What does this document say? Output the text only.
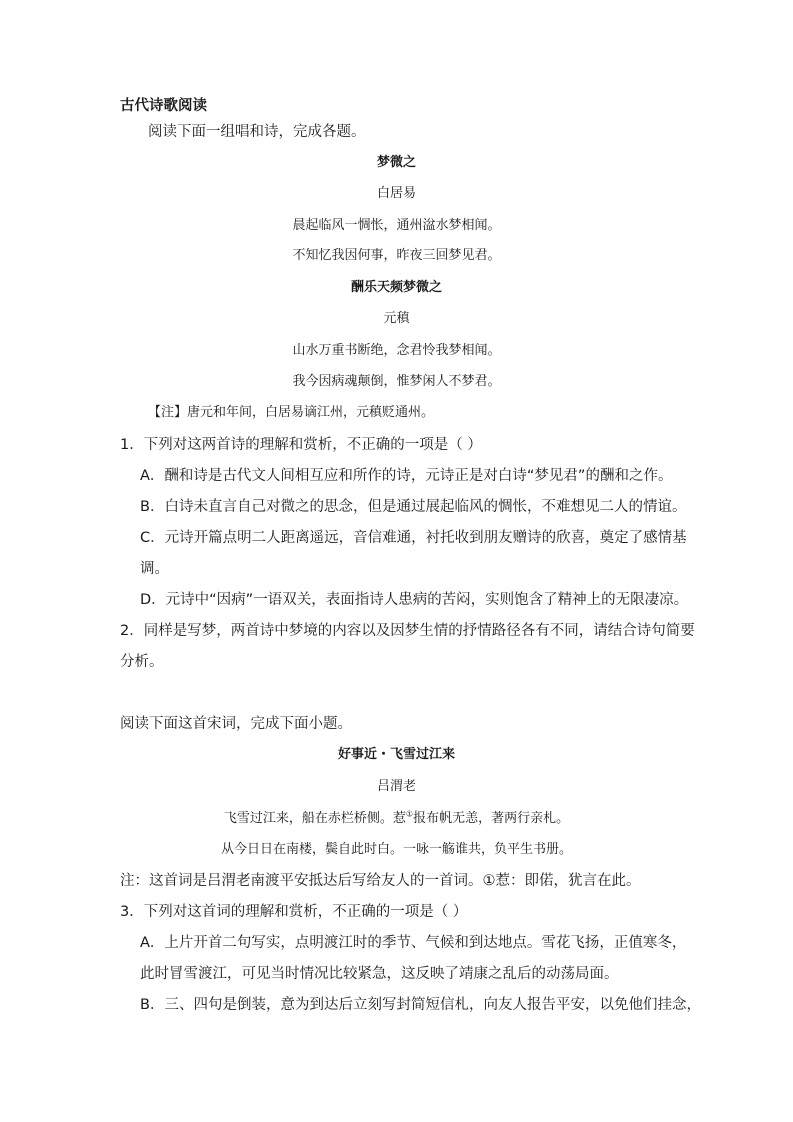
古代诗歌阅读
阅读下面一组唱和诗，完成各题。
梦微之
白居易
晨起临风一惆怅，通州湓水梦相闻。
不知忆我因何事，昨夜三回梦见君。
酬乐天频梦微之
元稹
山水万重书断绝，念君怜我梦相闻。
我今因病魂颠倒，惟梦闲人不梦君。
【注】唐元和年间，白居易谪江州，元稹贬通州。
1．下列对这两首诗的理解和赏析，不正确的一项是（ ）
A．酬和诗是古代文人间相互应和所作的诗，元诗正是对白诗“梦见君”的酬和之作。
B．白诗未直言自己对微之的思念，但是通过展起临风的惆怅，不难想见二人的情谊。
C．元诗开篇点明二人距离遥远，音信难通，衬托收到朋友赠诗的欣喜，奠定了感情基
调。
D．元诗中“因病”一语双关，表面指诗人患病的苦闷，实则饱含了精神上的无限凄凉。
2．同样是写梦，两首诗中梦境的内容以及因梦生情的抒情路径各有不同，请结合诗句简要
分析。
阅读下面这首宋词，完成下面小题。
好事近・飞雪过江来
吕渭老
飞雪过江来，船在赤栏桥侧。惹①报布帆无恙，著两行亲札。
从今日日在南楼，鬓自此时白。一咏一觞谁共，负平生书册。
注：这首词是吕渭老南渡平安抵达后写给友人的一首词。①惹：即偌，犹言在此。
3．下列对这首词的理解和赏析，不正确的一项是（ ）
A．上片开首二句写实，点明渡江时的季节、气候和到达地点。雪花飞扬，正值寒冬，
此时冒雪渡江，可见当时情况比较紧急，这反映了靖康之乱后的动荡局面。
B．三、四句是倒装，意为到达后立刻写封简短信札，向友人报告平安，以免他们挂念，
